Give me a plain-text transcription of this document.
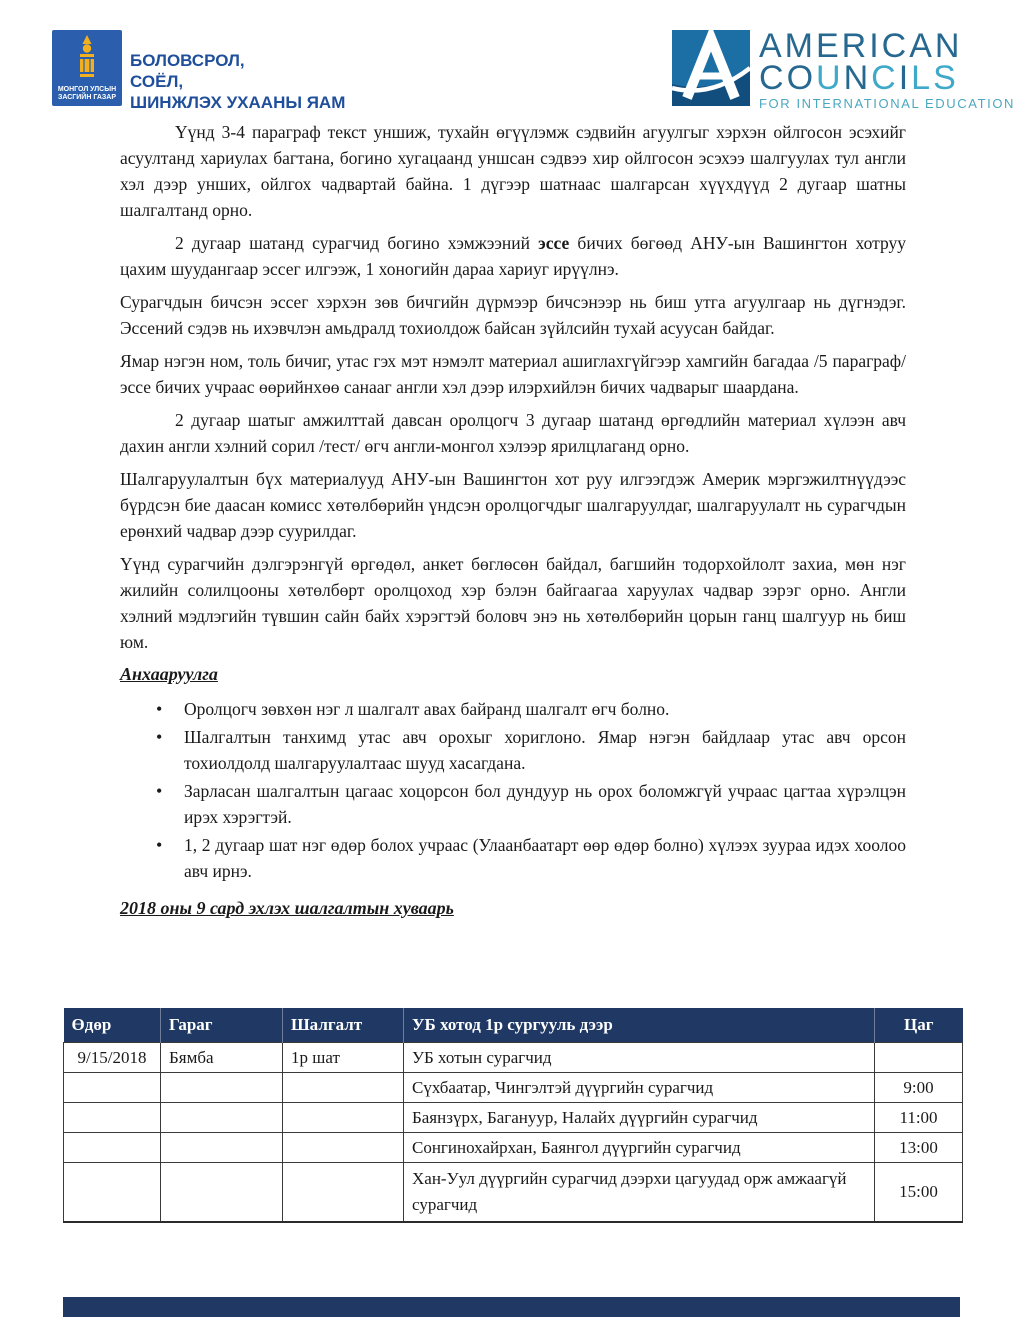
МОНГОЛ УЛСЫН
ЗАСГИЙН ГАЗАР
БОЛОВСРОЛ,
СОЁЛ,
ШИНЖЛЭХ УХААНЫ ЯАМ
AMERICAN
COUNCILS
FOR INTERNATIONAL EDUCATION

Үүнд 3-4 параграф текст уншиж, тухайн өгүүлэмж сэдвийн агуулгыг хэрхэн ойлгосон эсэхийг асуултанд хариулах багтана, богино хугацаанд уншсан сэдвээ хир ойлгосон эсэхээ шалгуулах тул англи хэл дээр унших, ойлгох чадвартай байна. 1 дүгээр шатнаас шалгарсан хүүхдүүд 2 дугаар шатны шалгалтанд орно.

2 дугаар шатанд сурагчид богино хэмжээний эссе бичих бөгөөд АНУ-ын Вашингтон хотруу цахим шуудангаар эссег илгээж, 1 хоногийн дараа хариуг ирүүлнэ.

Сурагчдын бичсэн эссег хэрхэн зөв бичгийн дүрмээр бичсэнээр нь биш утга агуулгаар нь дүгнэдэг. Эссений сэдэв нь ихэвчлэн амьдралд тохиолдож байсан зүйлсийн тухай асуусан байдаг.

Ямар нэгэн ном, толь бичиг, утас гэх мэт нэмэлт материал ашиглахгүйгээр хамгийн багадаа /5 параграф/ эссе бичих учраас өөрийнхөө санааг англи хэл дээр илэрхийлэн бичих чадварыг шаардана.

2 дугаар шатыг амжилттай давсан оролцогч 3 дугаар шатанд өргөдлийн материал хүлээн авч дахин англи хэлний сорил /тест/ өгч англи-монгол хэлээр ярилцлаганд орно.

Шалгаруулалтын бүх материалууд АНУ-ын Вашингтон хот руу илгээгдэж Америк мэргэжилтнүүдээс бүрдсэн бие даасан комисс хөтөлбөрийн үндсэн оролцогчдыг шалгаруулдаг, шалгаруулалт нь сурагчдын ерөнхий чадвар дээр суурилдаг.

Үүнд сурагчийн дэлгэрэнгүй өргөдөл, анкет бөглөсөн байдал, багшийн тодорхойлолт захиа, мөн нэг жилийн солилцооны хөтөлбөрт оролцоход хэр бэлэн байгаагаа харуулах чадвар зэрэг орно. Англи хэлний мэдлэгийн түвшин сайн байх хэрэгтэй боловч энэ нь хөтөлбөрийн цорын ганц шалгуур нь биш юм.

Анхааруулга
• Оролцогч зөвхөн нэг л шалгалт авах байранд шалгалт өгч болно.
• Шалгалтын танхимд утас авч орохыг хориглоно. Ямар нэгэн байдлаар утас авч орсон тохиолдолд шалгаруулалтаас шууд хасагдана.
• Зарласан шалгалтын цагаас хоцорсон бол дундуур нь орох боломжгүй учраас цагтаа хүрэлцэн ирэх хэрэгтэй.
• 1, 2 дугаар шат нэг өдөр болох учраас (Улаанбаатарт өөр өдөр болно) хүлээх зуураа идэх хоолоо авч ирнэ.
2018 оны 9 сард эхлэх шалгалтын хуваарь
Өдөр	Гараг	Шалгалт	УБ хотод 1р сургууль дээр	Цаг
9/15/2018	Бямба	1р шат	УБ хотын сурагчид	
			Сүхбаатар, Чингэлтэй дүүргийн сурагчид	9:00
			Баянзүрх, Багануур, Налайх дүүргийн сурагчид	11:00
			Сонгинохайрхан, Баянгол дүүргийн сурагчид	13:00
			Хан-Уул дүүргийн сурагчид дээрхи цагуудад орж амжаагүй сурагчид	15:00
